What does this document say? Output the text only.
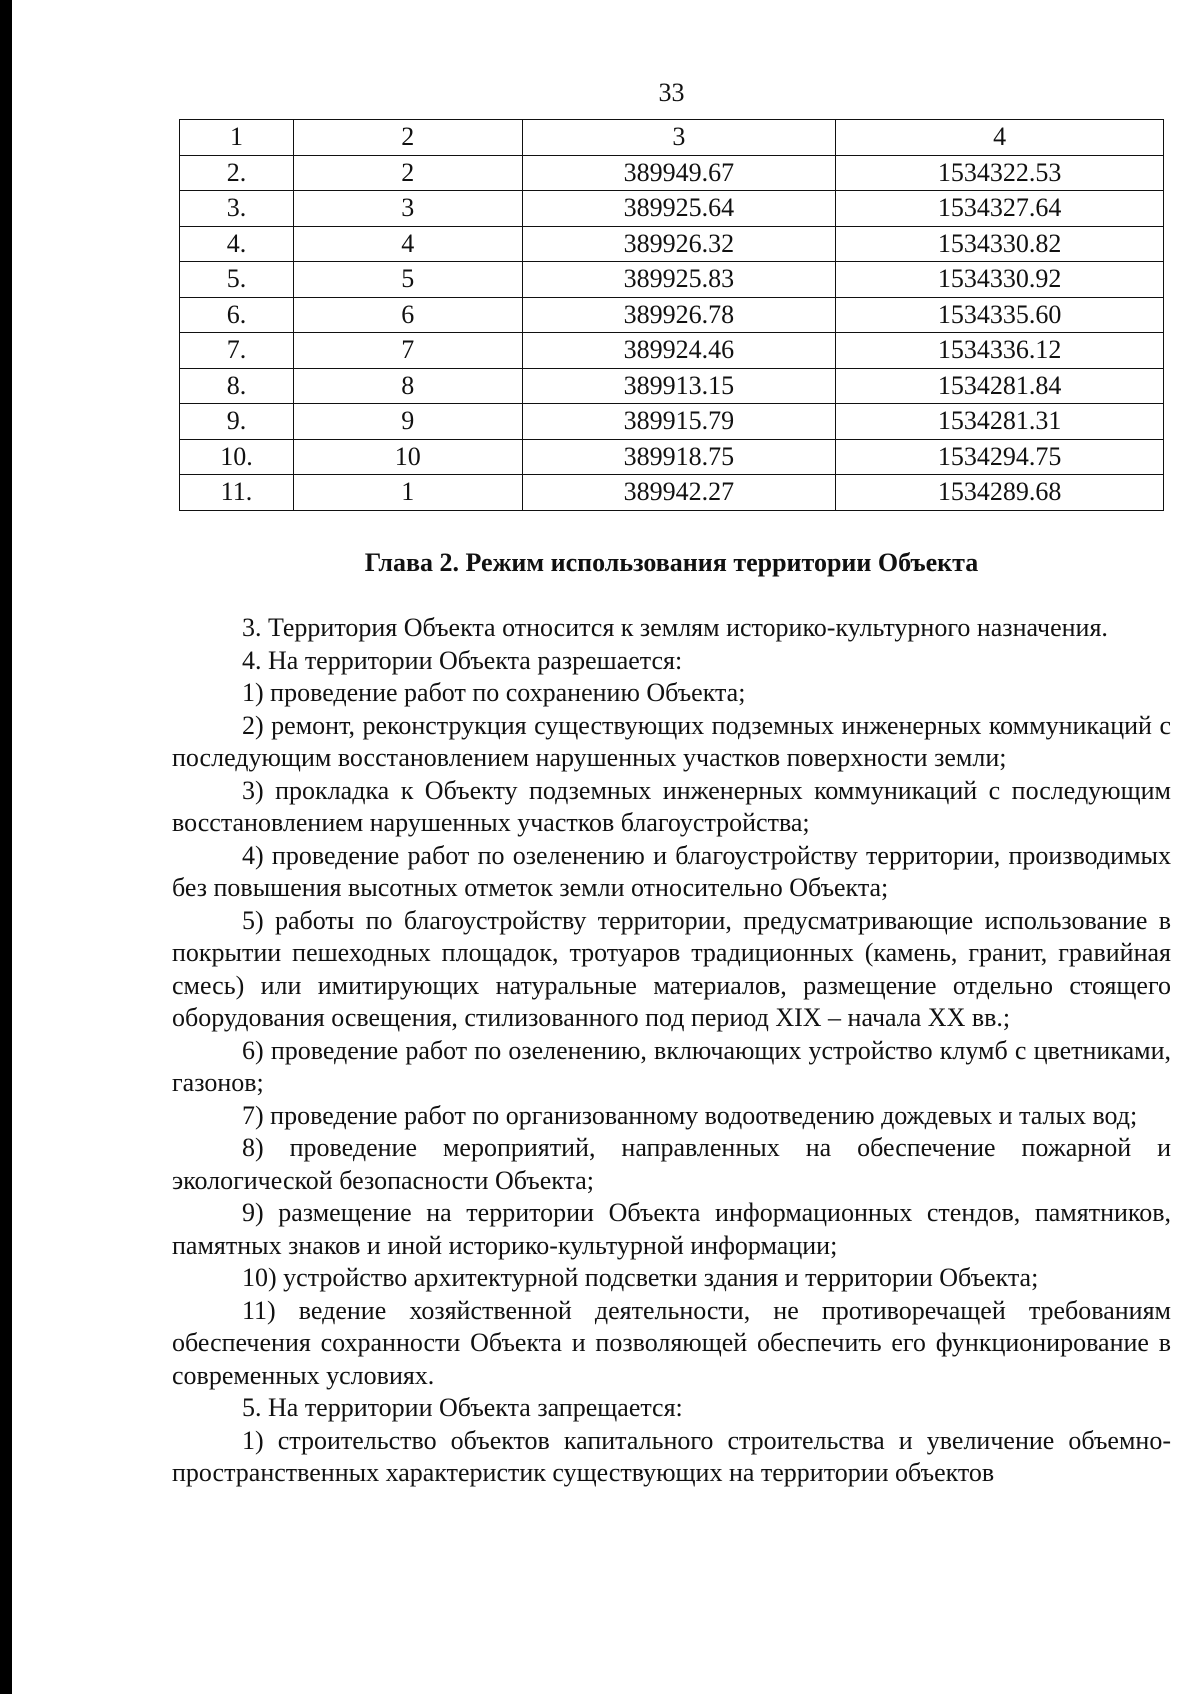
33
1	2	3	4
2.	2	389949.67	1534322.53
3.	3	389925.64	1534327.64
4.	4	389926.32	1534330.82
5.	5	389925.83	1534330.92
6.	6	389926.78	1534335.60
7.	7	389924.46	1534336.12
8.	8	389913.15	1534281.84
9.	9	389915.79	1534281.31
10.	10	389918.75	1534294.75
11.	1	389942.27	1534289.68
Глава 2. Режим использования территории Объекта

3. Территория Объекта относится к землям историко-культурного назначения.

4. На территории Объекта разрешается:

1) проведение работ по сохранению Объекта;

2) ремонт, реконструкция существующих подземных инженерных коммуникаций с последующим восстановлением нарушенных участков поверхности земли;

3) прокладка к Объекту подземных инженерных коммуникаций с последующим восстановлением нарушенных участков благоустройства;

4) проведение работ по озеленению и благоустройству территории, производимых без повышения высотных отметок земли относительно Объекта;

5) работы по благоустройству территории, предусматривающие использование в покрытии пешеходных площадок, тротуаров традиционных (камень, гранит, гравийная смесь) или имитирующих натуральные материалов, размещение отдельно стоящего оборудования освещения, стилизованного под период XIX – начала XX вв.;

6) проведение работ по озеленению, включающих устройство клумб с цветниками, газонов;

7) проведение работ по организованному водоотведению дождевых и талых вод;

8) проведение мероприятий, направленных на обеспечение пожарной и экологической безопасности Объекта;

9) размещение на территории Объекта информационных стендов, памятников, памятных знаков и иной историко-культурной информации;

10) устройство архитектурной подсветки здания и территории Объекта;

11) ведение хозяйственной деятельности, не противоречащей требованиям обеспечения сохранности Объекта и позволяющей обеспечить его функционирование в современных условиях.

5. На территории Объекта запрещается:

1) строительство объектов капитального строительства и увеличение объемно- пространственных характеристик существующих на территории объектов
